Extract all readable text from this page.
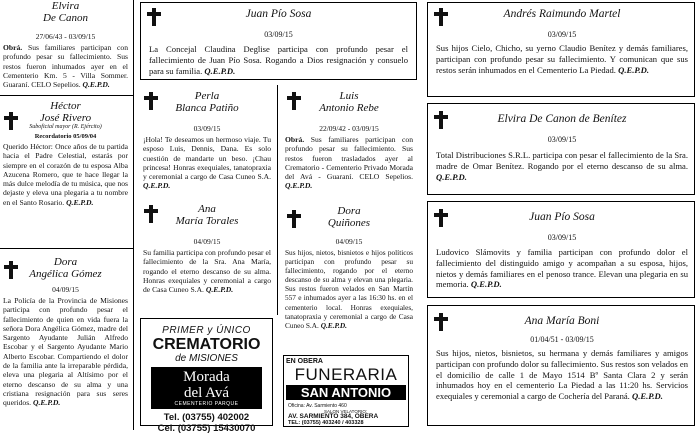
Elvira
De Canon
27/06/43 - 03/09/15
Obrá. Sus familiares participan con profundo pesar su fallecimiento. Sus restos fueron inhumados ayer en el Cementerio Km. 5 - Villa Sommer. Guaraní. CELO Sepelios. Q.E.P.D.
Héctor
José Rivero
Suboficial mayor (R. Ejército)
Recordatorio 05/09/04
Querido Héctor: Once años de tu partida hacia el Padre Celestial, estarás por siempre en el corazón de tu esposa Alba Azucena Romero, que te hace llegar la más dulce melodía de tu música, que nos dejaste y eleva una plegaria a tu nombre en el Santo Rosario. Q.E.P.D.
Dora
Angélica Gómez
04/09/15
La Policía de la Provincia de Misiones participa con profundo pesar el fallecimiento de quien en vida fuera la señora Dora Angélica Gómez, madre del Sargento Ayudante Julián Alfredo Escobar y el Sargento Ayudante Mario Alberto Escobar. Compartiendo el dolor de la familia ante la irreparable pérdida, eleva una plegaria al Altísimo por el eterno descanso de su alma y una cristiana resignación para sus seres queridos. Q.E.P.D.
Juan Pío Sosa
03/09/15
La Concejal Claudina Deglise participa con profundo pesar el fallecimiento de Juan Pío Sosa. Rogando a Dios resignación y consuelo para su familia. Q.E.P.D.
Perla
Blanca Patiño
03/09/15
¡Hola! Te deseamos un hermoso viaje. Tu esposo Luis, Dennis, Dana. Es solo cuestión de mandarte un beso. ¡Chau princesa! Honras exequiales, tanatopraxia y ceremonial a cargo de Casa Cuneo S.A. Q.E.P.D.
Ana
María Torales
04/09/15
Su familia participa con profundo pesar el fallecimiento de la Sra. Ana María, rogando el eterno descanso de su alma. Honras exequiales y ceremonial a cargo de Casa Cuneo S.A. Q.E.P.D.
Luis
Antonio Rebe
22/09/42 - 03/09/15
Obrá. Sus familiares participan con profundo pesar su fallecimiento. Sus restos fueron trasladados ayer al Crematorio - Cementerio Privado Morada del Avá - Guaraní. CELO Sepelios. Q.E.P.D.
Dora
Quiñones
04/09/15
Sus hijos, nietos, bisnietos e hijos políticos participan con profundo pesar su fallecimiento, rogando por el eterno descanso de su alma y elevan una plegaria. Sus restos fueron velados en San Martín 557 e inhumados ayer a las 16:30 hs. en el cementerio local. Honras exequiales, tanatopraxia y ceremonial a cargo de Casa Cuneo S.A. Q.E.P.D.
PRIMER y ÚNICO
CREMATORIO
de MISIONES
Morada
del Avá
CEMENTERIO PARQUE
Tel. (03755) 402002
Cel. (03755) 15430070
EN OBERA
FUNERARIA
SAN ANTONIO
Oficina: Av. Sarmiento 460
SALON VELATORIO:
AV. SARMIENTO 384, OBERA
TEL: (03755) 403240 / 403328
Andrés Raimundo Martel
03/09/15
Sus hijos Cielo, Chicho, su yerno Claudio Benítez y demás familiares, participan con profundo pesar su fallecimiento. Y comunican que sus restos serán inhumados en el Cementerio La Piedad. Q.E.P.D.
Elvira De Canon de Benítez
03/09/15
Total Distribuciones S.R.L. participa con pesar el fallecimiento de la Sra. madre de Omar Benítez. Rogando por el eterno descanso de su alma. Q.E.P.D.
Juan Pío Sosa
03/09/15
Ludovico Slámovits y familia participan con profundo dolor el fallecimiento del distinguido amigo y acompañan a su esposa, hijos, nietos y demás familiares en el penoso trance. Elevan una plegaria en su memoria. Q.E.P.D.
Ana María Boni
01/04/51 - 03/09/15
Sus hijos, nietos, bisnietos, su hermana y demás familiares y amigos participan con profundo dolor su fallecimiento. Sus restos son velados en el domicilio de calle 1 de Mayo 1514 Bº Santa Clara 2 y serán inhumados hoy en el cementerio La Piedad a las 11:20 hs. Servicios exequiales y ceremonial a cargo de Cochería del Paraná. Q.E.P.D.
